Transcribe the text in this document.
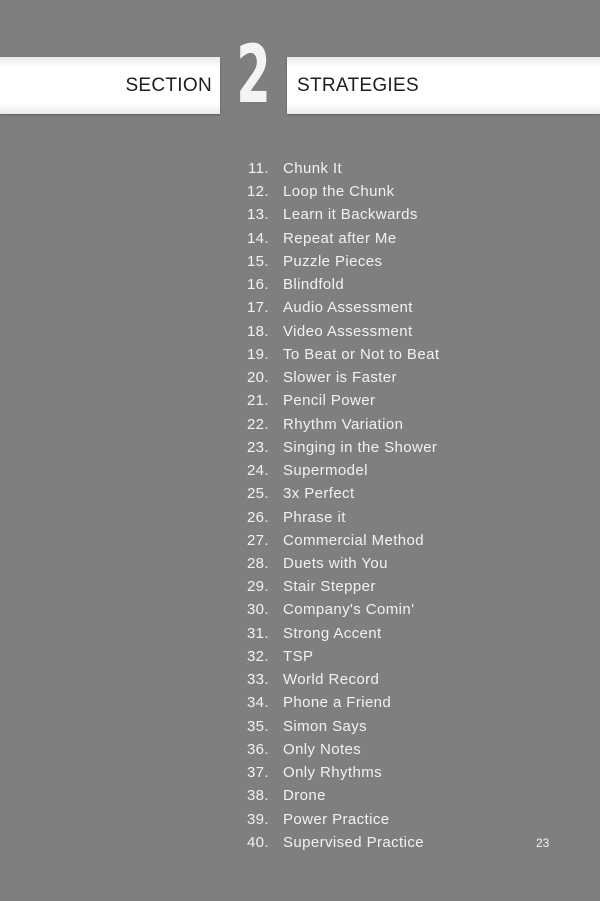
SECTION 2 STRATEGIES
11. Chunk It
12. Loop the Chunk
13. Learn it Backwards
14. Repeat after Me
15. Puzzle Pieces
16. Blindfold
17. Audio Assessment
18. Video Assessment
19. To Beat or Not to Beat
20. Slower is Faster
21. Pencil Power
22. Rhythm Variation
23. Singing in the Shower
24. Supermodel
25. 3x Perfect
26. Phrase it
27. Commercial Method
28. Duets with You
29. Stair Stepper
30. Company's Comin'
31. Strong Accent
32. TSP
33. World Record
34. Phone a Friend
35. Simon Says
36. Only Notes
37. Only Rhythms
38. Drone
39. Power Practice
40. Supervised Practice	23
